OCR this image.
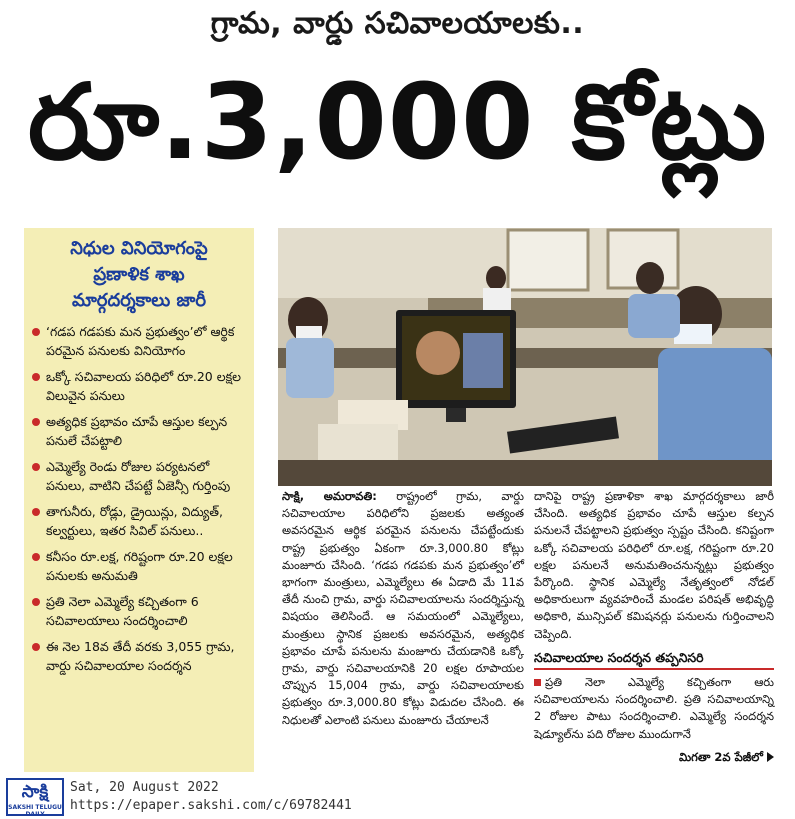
గ్రామ, వార్డు సచివాలయాలకు..
రూ.3,000 కోట్లు
నిధుల వినియోగంపై
ప్రణాళిక శాఖ
మార్గదర్శకాలు జారీ
‘గడప గడపకు మన ప్రభుత్వం’లో ఆర్థిక పరమైన పనులకు వినియోగం
ఒక్కో సచివాలయ పరిధిలో రూ.20 లక్షల విలువైన పనులు
అత్యధిక ప్రభావం చూపే ఆస్తుల కల్పన పనులే చేపట్టాలి
ఎమ్మెల్యే రెండు రోజుల పర్యటనలో పనులు, వాటిని చేపట్టే ఏజెన్సీ గుర్తింపు
తాగునీరు, రోడ్లు, డ్రైయిన్లు, విద్యుత్, కల్వర్టులు, ఇతర సివిల్ పనులు..
కనీసం రూ.లక్ష, గరిష్టంగా రూ.20 లక్షల పనులకు అనుమతి
ప్రతి నెలా ఎమ్మెల్యే కచ్చితంగా 6 సచివాలయాలు సందర్శించాలి
ఈ నెల 18వ తేదీ వరకు 3,055 గ్రామ, వార్డు సచివాలయాల సందర్శన
సాక్షి, అమరావతి: రాష్ట్రంలో గ్రామ, వార్డు సచివాలయాల పరిధిలోని ప్రజలకు అత్యంత అవసరమైన ఆర్థిక పరమైన పనులను చేపట్టేందుకు రాష్ట్ర ప్రభుత్వం ఏకంగా రూ.3,000.80 కోట్లు మంజూరు చేసింది. ‘గడప గడపకు మన ప్రభుత్వం’లో భాగంగా మంత్రులు, ఎమ్మెల్యేలు ఈ ఏడాది మే 11వ తేదీ నుంచి గ్రామ, వార్డు సచివాలయాలను సందర్శిస్తున్న విషయం తెలిసిందే. ఆ సమయంలో ఎమ్మెల్యేలు, మంత్రులు స్థానిక ప్రజలకు అవసరమైన, అత్యధిక ప్రభావం చూపే పనులను మంజూరు చేయడానికి ఒక్కో గ్రామ, వార్డు సచివాలయానికి 20 లక్షల రూపాయల చొప్పున 15,004 గ్రామ, వార్డు సచివాలయాలకు ప్రభుత్వం రూ.3,000.80 కోట్లు విడుదల చేసింది. ఈ నిధులతో ఎలాంటి పనులు మంజూరు చేయాలనే
దానిపై రాష్ట్ర ప్రణాళికా శాఖ మార్గదర్శకాలు జారీ చేసింది. అత్యధిక ప్రభావం చూపే ఆస్తుల కల్పన పనులనే చేపట్టాలని ప్రభుత్వం స్పష్టం చేసింది. కనిష్టంగా ఒక్కో సచివాలయ పరిధిలో రూ.లక్ష, గరిష్టంగా రూ.20 లక్షల పనులనే అనుమతించనున్నట్లు ప్రభుత్వం పేర్కొంది. స్థానిక ఎమ్మెల్యే నేతృత్వంలో నోడల్ అధికారులుగా వ్యవహరించే మండల పరిషత్ అభివృద్ధి అధికారి, మున్సిపల్ కమిషనర్లు పనులను గుర్తించాలని చెప్పింది.
సచివాలయాల సందర్శన తప్పనిసరి
ప్రతి నెలా ఎమ్మెల్యే కచ్చితంగా ఆరు సచివాలయాలను సందర్శించాలి. ప్రతి సచివాలయాన్ని 2 రోజుల పాటు సందర్శించాలి. ఎమ్మెల్యే సందర్శన షెడ్యూల్‌ను పది రోజుల ముందుగానే
మిగతా 2వ పేజీలో
సాక్షి
SAKSHI TELUGU DAILY
Sat, 20 August 2022
https://epaper.sakshi.com/c/69782441
